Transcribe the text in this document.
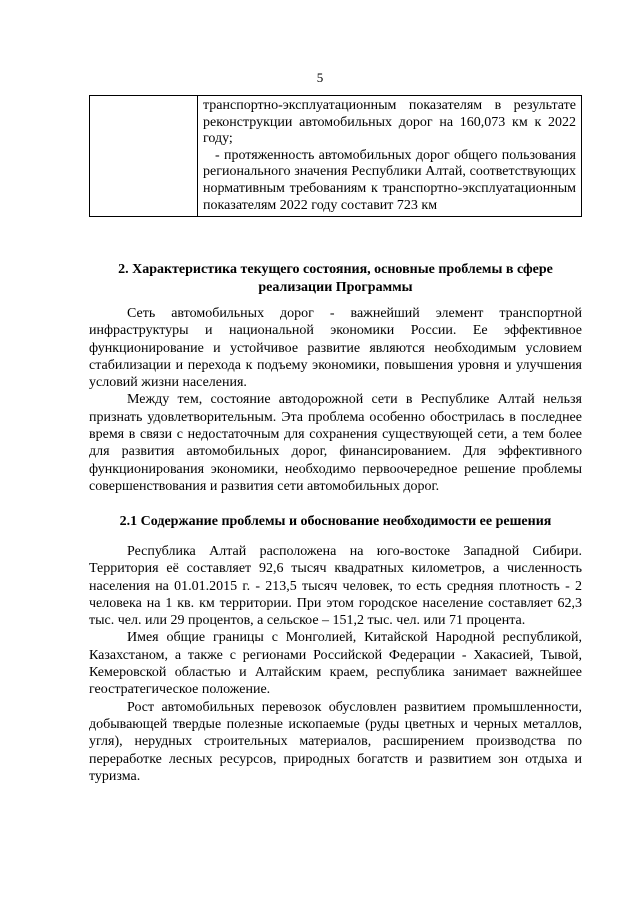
5

транспортно-эксплуатационным показателям в результате реконструкции автомобильных дорог на 160,073 км к 2022 году;
- протяженность автомобильных дорог общего пользования регионального значения Республики Алтай, соответствующих нормативным требованиям к транспортно-эксплуатационным показателям 2022 году составит 723 км
2. Характеристика текущего состояния, основные проблемы в сфере реализации Программы

Сеть автомобильных дорог - важнейший элемент транспортной инфраструктуры и национальной экономики России. Ее эффективное функционирование и устойчивое развитие являются необходимым условием стабилизации и перехода к подъему экономики, повышения уровня и улучшения условий жизни населения.

Между тем, состояние автодорожной сети в Республике Алтай нельзя признать удовлетворительным. Эта проблема особенно обострилась в последнее время в связи с недостаточным для сохранения существующей сети, а тем более для развития автомобильных дорог, финансированием. Для эффективного функционирования экономики, необходимо первоочередное решение проблемы совершенствования и развития сети автомобильных дорог.

2.1 Содержание проблемы и обоснование необходимости ее решения

Республика Алтай расположена на юго-востоке Западной Сибири. Территория её составляет 92,6 тысяч квадратных километров, а численность населения на 01.01.2015 г. - 213,5 тысяч человек, то есть средняя плотность - 2 человека на 1 кв. км территории. При этом городское население составляет 62,3 тыс. чел. или 29 процентов, а сельское – 151,2 тыс. чел. или 71 процента.

Имея общие границы с Монголией, Китайской Народной республикой, Казахстаном, а также с регионами Российской Федерации - Хакасией, Тывой, Кемеровской областью и Алтайским краем, республика занимает важнейшее геостратегическое положение.

Рост автомобильных перевозок обусловлен развитием промышленности, добывающей твердые полезные ископаемые (руды цветных и черных металлов, угля), нерудных строительных материалов, расширением производства по переработке лесных ресурсов, природных богатств и развитием зон отдыха и туризма.
